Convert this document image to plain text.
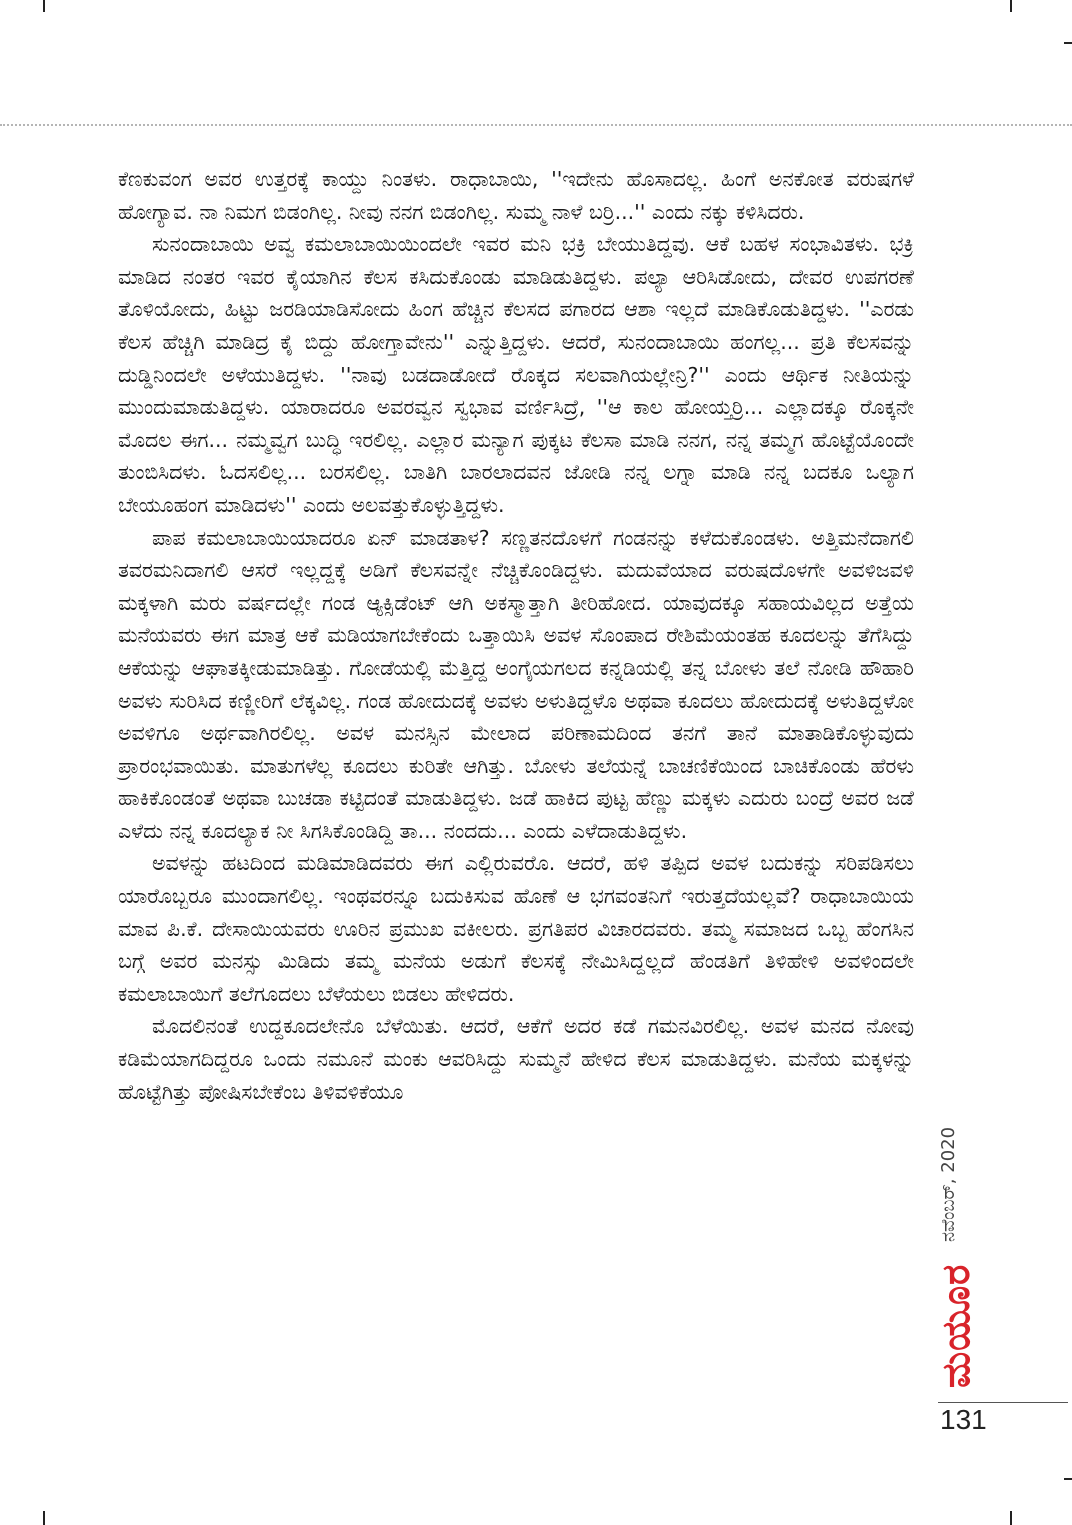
ಕೆಣಕುವಂಗ ಅವರ ಉತ್ತರಕ್ಕೆ ಕಾಯ್ದು ನಿಂತಳು. ರಾಧಾಬಾಯಿ, ''ಇದೇನು ಹೊಸಾದಲ್ಲ. ಹಿಂಗೆ ಅನಕೋತ ವರುಷಗಳೆ ಹೋಗ್ಯಾವ. ನಾ ನಿಮಗ ಬಿಡಂಗಿಲ್ಲ. ನೀವು ನನಗ ಬಿಡಂಗಿಲ್ಲ. ಸುಮ್ಮ ನಾಳೆ ಬರ್ರಿ...'' ಎಂದು ನಕ್ಕು ಕಳಿಸಿದರು.

ಸುನಂದಾಬಾಯಿ ಅವ್ವ ಕಮಲಾಬಾಯಿಯಿಂದಲೇ ಇವರ ಮನಿ ಭಕ್ರಿ ಬೇಯುತಿದ್ದವು. ಆಕೆ ಬಹಳ ಸಂಭಾವಿತಳು. ಭಕ್ರಿ ಮಾಡಿದ ನಂತರ ಇವರ ಕೈಯಾಗಿನ ಕೆಲಸ ಕಸಿದುಕೊಂಡು ಮಾಡಿಡುತಿದ್ದಳು. ಪಲ್ಯಾ ಆರಿಸಿಡೋದು, ದೇವರ ಉಪಗರಣೆ ತೊಳಿಯೋದು, ಹಿಟ್ಟು ಜರಡಿಯಾಡಿಸೋದು ಹಿಂಗ ಹೆಚ್ಚಿನ ಕೆಲಸದ ಪಗಾರದ ಆಶಾ ಇಲ್ಲದೆ ಮಾಡಿಕೊಡುತಿದ್ದಳು. ''ಎರಡು ಕೆಲಸ ಹೆಚ್ಚಿಗಿ ಮಾಡಿದ್ರ ಕೈ ಬಿದ್ದು ಹೋಗ್ತಾವೇನು'' ಎನ್ನುತ್ತಿದ್ದಳು. ಆದರೆ, ಸುನಂದಾಬಾಯಿ ಹಂಗಲ್ಲ... ಪ್ರತಿ ಕೆಲಸವನ್ನು ದುಡ್ಡಿನಿಂದಲೇ ಅಳೆಯುತಿದ್ದಳು. ''ನಾವು ಬಡದಾಡೋದೆ ರೊಕ್ಕದ ಸಲವಾಗಿಯಲ್ಲೇನ್ರಿ?'' ಎಂದು ಆರ್ಥಿಕ ನೀತಿಯನ್ನು ಮುಂದುಮಾಡುತಿದ್ದಳು. ಯಾರಾದರೂ ಅವರವ್ವನ ಸ್ವಭಾವ ವರ್ಣಿಸಿದ್ರೆ, ''ಆ ಕಾಲ ಹೋಯ್ತರ್ರಿ... ಎಲ್ಲಾದಕ್ಕೂ ರೊಕ್ಕನೇ ಮೊದಲ ಈಗ... ನಮ್ಮವ್ವಗ ಬುದ್ಧಿ ಇರಲಿಲ್ಲ. ಎಲ್ಲಾರ ಮನ್ಯಾಗ ಪುಕ್ಕಟ ಕೆಲಸಾ ಮಾಡಿ ನನಗ, ನನ್ನ ತಮ್ಮಗ ಹೊಟ್ಟೆಯೊಂದೇ ತುಂಬಿಸಿದಳು. ಓದಸಲಿಲ್ಲ... ಬರಸಲಿಲ್ಲ. ಬಾತಿಗಿ ಬಾರಲಾದವನ ಜೋಡಿ ನನ್ನ ಲಗ್ನಾ ಮಾಡಿ ನನ್ನ ಬದಕೂ ಒಲ್ಯಾಗ ಬೇಯೂಹಂಗ ಮಾಡಿದಳು'' ಎಂದು ಅಲವತ್ತುಕೊಳ್ಳುತ್ತಿದ್ದಳು.

ಪಾಪ ಕಮಲಾಬಾಯಿಯಾದರೂ ಏನ್ ಮಾಡತಾಳ? ಸಣ್ಣತನದೊಳಗೆ ಗಂಡನನ್ನು ಕಳೆದುಕೊಂಡಳು. ಅತ್ತಿಮನೆದಾಗಲಿ ತವರಮನಿದಾಗಲಿ ಆಸರೆ ಇಲ್ಲದ್ದಕ್ಕೆ ಅಡಿಗೆ ಕೆಲಸವನ್ನೇ ನೆಚ್ಚಿಕೊಂಡಿದ್ದಳು. ಮದುವೆಯಾದ ವರುಷದೊಳಗೇ ಅವಳಿಜವಳಿ ಮಕ್ಕಳಾಗಿ ಮರು ವರ್ಷದಲ್ಲೇ ಗಂಡ ಆ್ಯಕ್ಸಿಡೆಂಟ್ ಆಗಿ ಅಕಸ್ಮಾತ್ತಾಗಿ ತೀರಿಹೋದ. ಯಾವುದಕ್ಕೂ ಸಹಾಯವಿಲ್ಲದ ಅತ್ತೆಯ ಮನೆಯವರು ಈಗ ಮಾತ್ರ ಆಕೆ ಮಡಿಯಾಗಬೇಕೆಂದು ಒತ್ತಾಯಿಸಿ ಅವಳ ಸೊಂಪಾದ ರೇಶಿಮೆಯಂತಹ ಕೂದಲನ್ನು ತೆಗೆಸಿದ್ದು ಆಕೆಯನ್ನು ಆಘಾತಕ್ಕೀಡುಮಾಡಿತ್ತು. ಗೋಡೆಯಲ್ಲಿ ಮೆತ್ತಿದ್ದ ಅಂಗೈಯಗಲದ ಕನ್ನಡಿಯಲ್ಲಿ ತನ್ನ ಬೋಳು ತಲೆ ನೋಡಿ ಹೌಹಾರಿ ಅವಳು ಸುರಿಸಿದ ಕಣ್ಣೀರಿಗೆ ಲೆಕ್ಕವಿಲ್ಲ. ಗಂಡ ಹೋದುದಕ್ಕೆ ಅವಳು ಅಳುತಿದ್ದಳೊ ಅಥವಾ ಕೂದಲು ಹೋದುದಕ್ಕೆ ಅಳುತಿದ್ದಳೋ ಅವಳಿಗೂ ಅರ್ಥವಾಗಿರಲಿಲ್ಲ. ಅವಳ ಮನಸ್ಸಿನ ಮೇಲಾದ ಪರಿಣಾಮದಿಂದ ತನಗೆ ತಾನೆ ಮಾತಾಡಿಕೊಳ್ಳುವುದು ಪ್ರಾರಂಭವಾಯಿತು. ಮಾತುಗಳೆಲ್ಲ ಕೂದಲು ಕುರಿತೇ ಆಗಿತ್ತು. ಬೋಳು ತಲೆಯನ್ನೆ ಬಾಚಣಿಕೆಯಿಂದ ಬಾಚಿಕೊಂಡು ಹೆರಳು ಹಾಕಿಕೊಂಡಂತೆ ಅಥವಾ ಬುಚಡಾ ಕಟ್ಟಿದಂತೆ ಮಾಡುತಿದ್ದಳು. ಜಡೆ ಹಾಕಿದ ಪುಟ್ಟ ಹೆಣ್ಣು ಮಕ್ಕಳು ಎದುರು ಬಂದ್ರೆ ಅವರ ಜಡೆ ಎಳೆದು ನನ್ನ ಕೂದಲ್ಯಾಕ ನೀ ಸಿಗಸಿಕೊಂಡಿದ್ದಿ ತಾ... ನಂದದು... ಎಂದು ಎಳೆದಾಡುತಿದ್ದಳು.

ಅವಳನ್ನು ಹಟದಿಂದ ಮಡಿಮಾಡಿದವರು ಈಗ ಎಲ್ಲಿರುವರೊ. ಆದರೆ, ಹಳಿ ತಪ್ಪಿದ ಅವಳ ಬದುಕನ್ನು ಸರಿಪಡಿಸಲು ಯಾರೊಬ್ಬರೂ ಮುಂದಾಗಲಿಲ್ಲ. ಇಂಥವರನ್ನೂ ಬದುಕಿಸುವ ಹೊಣೆ ಆ ಭಗವಂತನಿಗೆ ಇರುತ್ತದೆಯಲ್ಲವೆ? ರಾಧಾಬಾಯಿಯ ಮಾವ ಪಿ.ಕೆ. ದೇಸಾಯಿಯವರು ಊರಿನ ಪ್ರಮುಖ ವಕೀಲರು. ಪ್ರಗತಿಪರ ವಿಚಾರದವರು. ತಮ್ಮ ಸಮಾಜದ ಒಬ್ಬ ಹೆಂಗಸಿನ ಬಗ್ಗೆ ಅವರ ಮನಸ್ಸು ಮಿಡಿದು ತಮ್ಮ ಮನೆಯ ಅಡುಗೆ ಕೆಲಸಕ್ಕೆ ನೇಮಿಸಿದ್ದಲ್ಲದೆ ಹೆಂಡತಿಗೆ ತಿಳಿಹೇಳಿ ಅವಳಿಂದಲೇ ಕಮಲಾಬಾಯಿಗೆ ತಲೆಗೂದಲು ಬೆಳೆಯಲು ಬಿಡಲು ಹೇಳಿದರು.

ಮೊದಲಿನಂತೆ ಉದ್ದಕೂದಲೇನೊ ಬೆಳೆಯಿತು. ಆದರೆ, ಆಕೆಗೆ ಅದರ ಕಡೆ ಗಮನವಿರಲಿಲ್ಲ. ಅವಳ ಮನದ ನೋವು ಕಡಿಮೆಯಾಗದಿದ್ದರೂ ಒಂದು ನಮೂನೆ ಮಂಕು ಆವರಿಸಿದ್ದು ಸುಮ್ಮನೆ ಹೇಳಿದ ಕೆಲಸ ಮಾಡುತಿದ್ದಳು. ಮನೆಯ ಮಕ್ಕಳನ್ನು ಹೊಟ್ಟೆಗಿತ್ತು ಪೋಷಿಸಬೇಕೆಂಬ ತಿಳಿವಳಿಕೆಯೂ

ನವೆಂಬರ್, 2020
ಮಯೂರ
131
